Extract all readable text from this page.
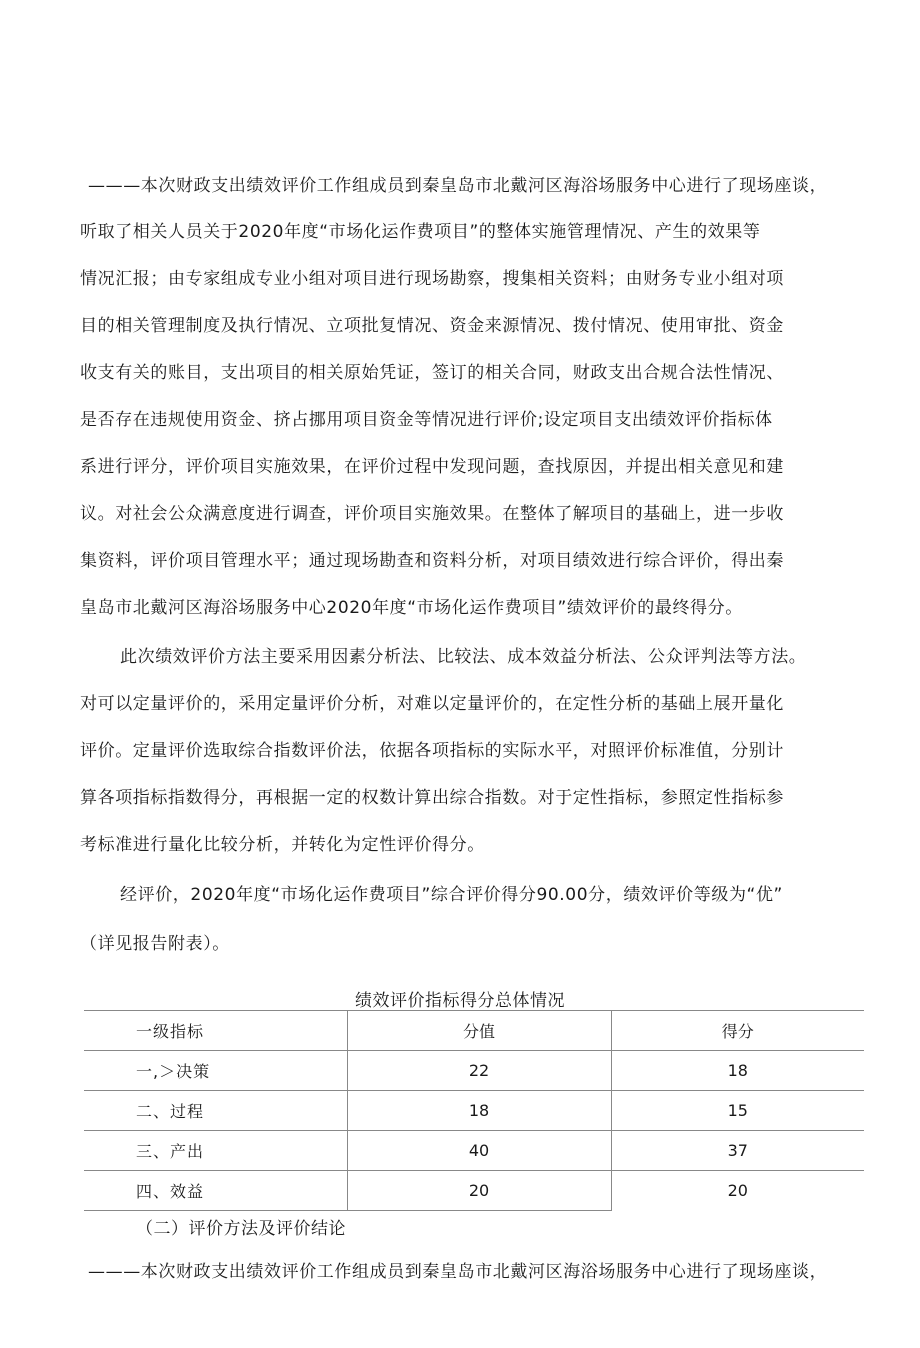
———本次财政支出绩效评价工作组成员到秦皇岛市北戴河区海浴场服务中心进行了现场座谈，
听取了相关人员关于2020年度“市场化运作费项目”的整体实施管理情况、产生的效果等
情况汇报；由专家组成专业小组对项目进行现场勘察，搜集相关资料；由财务专业小组对项
目的相关管理制度及执行情况、立项批复情况、资金来源情况、拨付情况、使用审批、资金
收支有关的账目，支出项目的相关原始凭证，签订的相关合同，财政支出合规合法性情况、
是否存在违规使用资金、挤占挪用项目资金等情况进行评价;设定项目支出绩效评价指标体
系进行评分，评价项目实施效果，在评价过程中发现问题，查找原因，并提出相关意见和建
议。对社会公众满意度进行调查，评价项目实施效果。在整体了解项目的基础上，进一步收
集资料，评价项目管理水平；通过现场勘查和资料分析，对项目绩效进行综合评价，得出秦
皇岛市北戴河区海浴场服务中心2020年度“市场化运作费项目”绩效评价的最终得分。
此次绩效评价方法主要采用因素分析法、比较法、成本效益分析法、公众评判法等方法。
对可以定量评价的，采用定量评价分析，对难以定量评价的，在定性分析的基础上展开量化
评价。定量评价选取综合指数评价法，依据各项指标的实际水平，对照评价标准值，分别计
算各项指标指数得分，再根据一定的权数计算出综合指数。对于定性指标，参照定性指标参
考标准进行量化比较分析，并转化为定性评价得分。
经评价，2020年度“市场化运作费项目”综合评价得分90.00分，绩效评价等级为“优”
（详见报告附表）。
绩效评价指标得分总体情况
一级指标	分值	得分
一,＞决策	22	18
二、过程	18	15
三、产出	40	37
四、效益	20	20
（二）评价方法及评价结论
———本次财政支出绩效评价工作组成员到秦皇岛市北戴河区海浴场服务中心进行了现场座谈，
